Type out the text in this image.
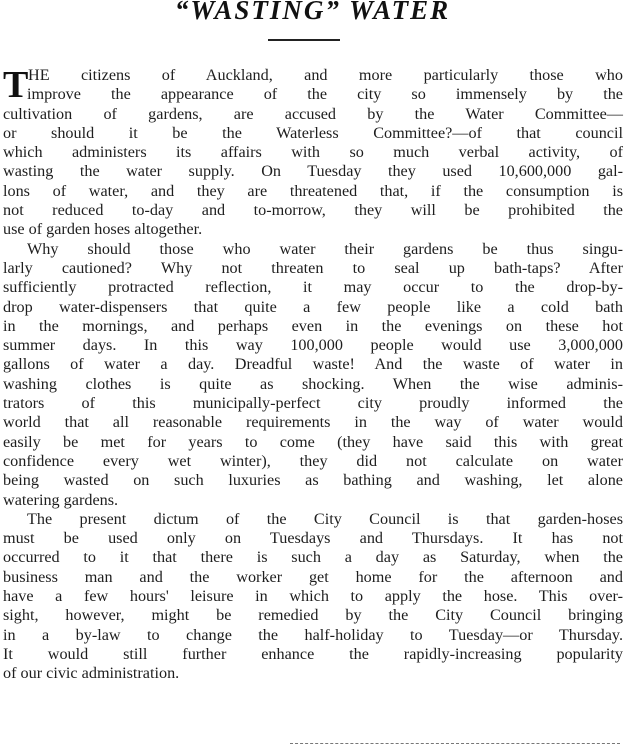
“WASTING” WATER
T HE citizens of Auckland, and more particularly those who
improve the appearance of the city so immensely by the
cultivation of gardens, are accused by the Water Committee—
or should it be the Waterless Committee?—of that council
which administers its affairs with so much verbal activity, of
wasting the water supply. On Tuesday they used 10,600,000 gal-
lons of water, and they are threatened that, if the consumption is
not reduced to-day and to-morrow, they will be prohibited the
use of garden hoses altogether.
Why should those who water their gardens be thus singu-
larly cautioned? Why not threaten to seal up bath-taps? After
sufficiently protracted reflection, it may occur to the drop-by-
drop water-dispensers that quite a few people like a cold bath
in the mornings, and perhaps even in the evenings on these hot
summer days. In this way 100,000 people would use 3,000,000
gallons of water a day. Dreadful waste! And the waste of water in
washing clothes is quite as shocking. When the wise adminis-
trators of this municipally-perfect city proudly informed the
world that all reasonable requirements in the way of water would
easily be met for years to come (they have said this with great
confidence every wet winter), they did not calculate on water
being wasted on such luxuries as bathing and washing, let alone
watering gardens.
The present dictum of the City Council is that garden-hoses
must be used only on Tuesdays and Thursdays. It has not
occurred to it that there is such a day as Saturday, when the
business man and the worker get home for the afternoon and
have a few hours' leisure in which to apply the hose. This over-
sight, however, might be remedied by the City Council bringing
in a by-law to change the half-holiday to Tuesday—or Thursday.
It would still further enhance the rapidly-increasing popularity
of our civic administration.
